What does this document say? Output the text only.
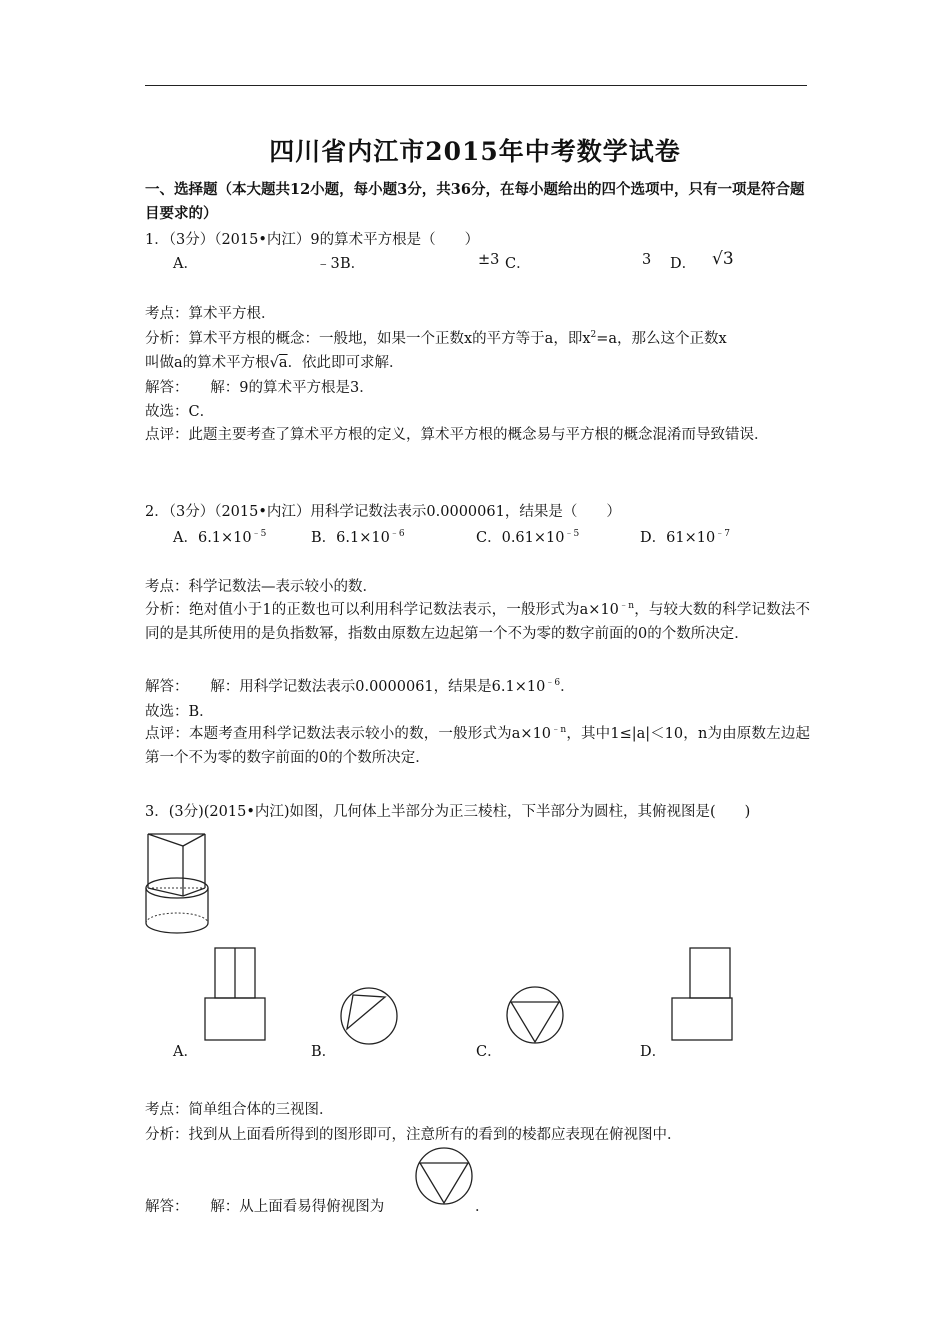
四川省内江市2015年中考数学试卷
一、选择题（本大题共12小题，每小题3分，共36分，在每小题给出的四个选项中，只有一项是符合题目要求的）
1．（3分）（2015•内江）9的算术平方根是（　　）
A．	﹣3 B．	±3 C．	3 D． √3
考点：算术平方根．
分析：算术平方根的概念：一般地，如果一个正数x的平方等于a，即$x^2=a$，那么这个正数x
叫做a的算术平方根√a．依此即可求解．
解答：　　解：9的算术平方根是3．
故选：C．
点评：此题主要考查了算术平方根的定义，算术平方根的概念易与平方根的概念混淆而导致错误．
2．（3分）（2015•内江）用科学记数法表示0.0000061，结果是（　　）
A．$6.1\times 10^{﹣5}$	B．$6.1\times 10^{﹣6}$	C．$0.61\times 10^{﹣5}$	D．$61\times 10^{﹣7}$
考点：科学记数法—表示较小的数．
分析：绝对值小于1的正数也可以利用科学记数法表示，一般形式为$a\times 10^{﹣n}$，与较大数的科学记数法不同的是其所使用的是负指数幂，指数由原数左边起第一个不为零的数字前面的0的个数所决定．
解答：　　解：用科学记数法表示0.0000061，结果是$6.1\times 10^{﹣6}$．
故选：B．
点评：本题考查用科学记数法表示较小的数，一般形式为$a\times 10^{﹣n}$，其中1≤|a|＜10，n为由原数左边起第一个不为零的数字前面的0的个数所决定．
3．(3分)(2015•内江)如图，几何体上半部分为正三棱柱，下半部分为圆柱，其俯视图是(　　)
A．	B．	C．	D．
考点：简单组合体的三视图．
分析：找到从上面看所得到的图形即可，注意所有的看到的棱都应表现在俯视图中．
解答：　　解：从上面看易得俯视图为	．
